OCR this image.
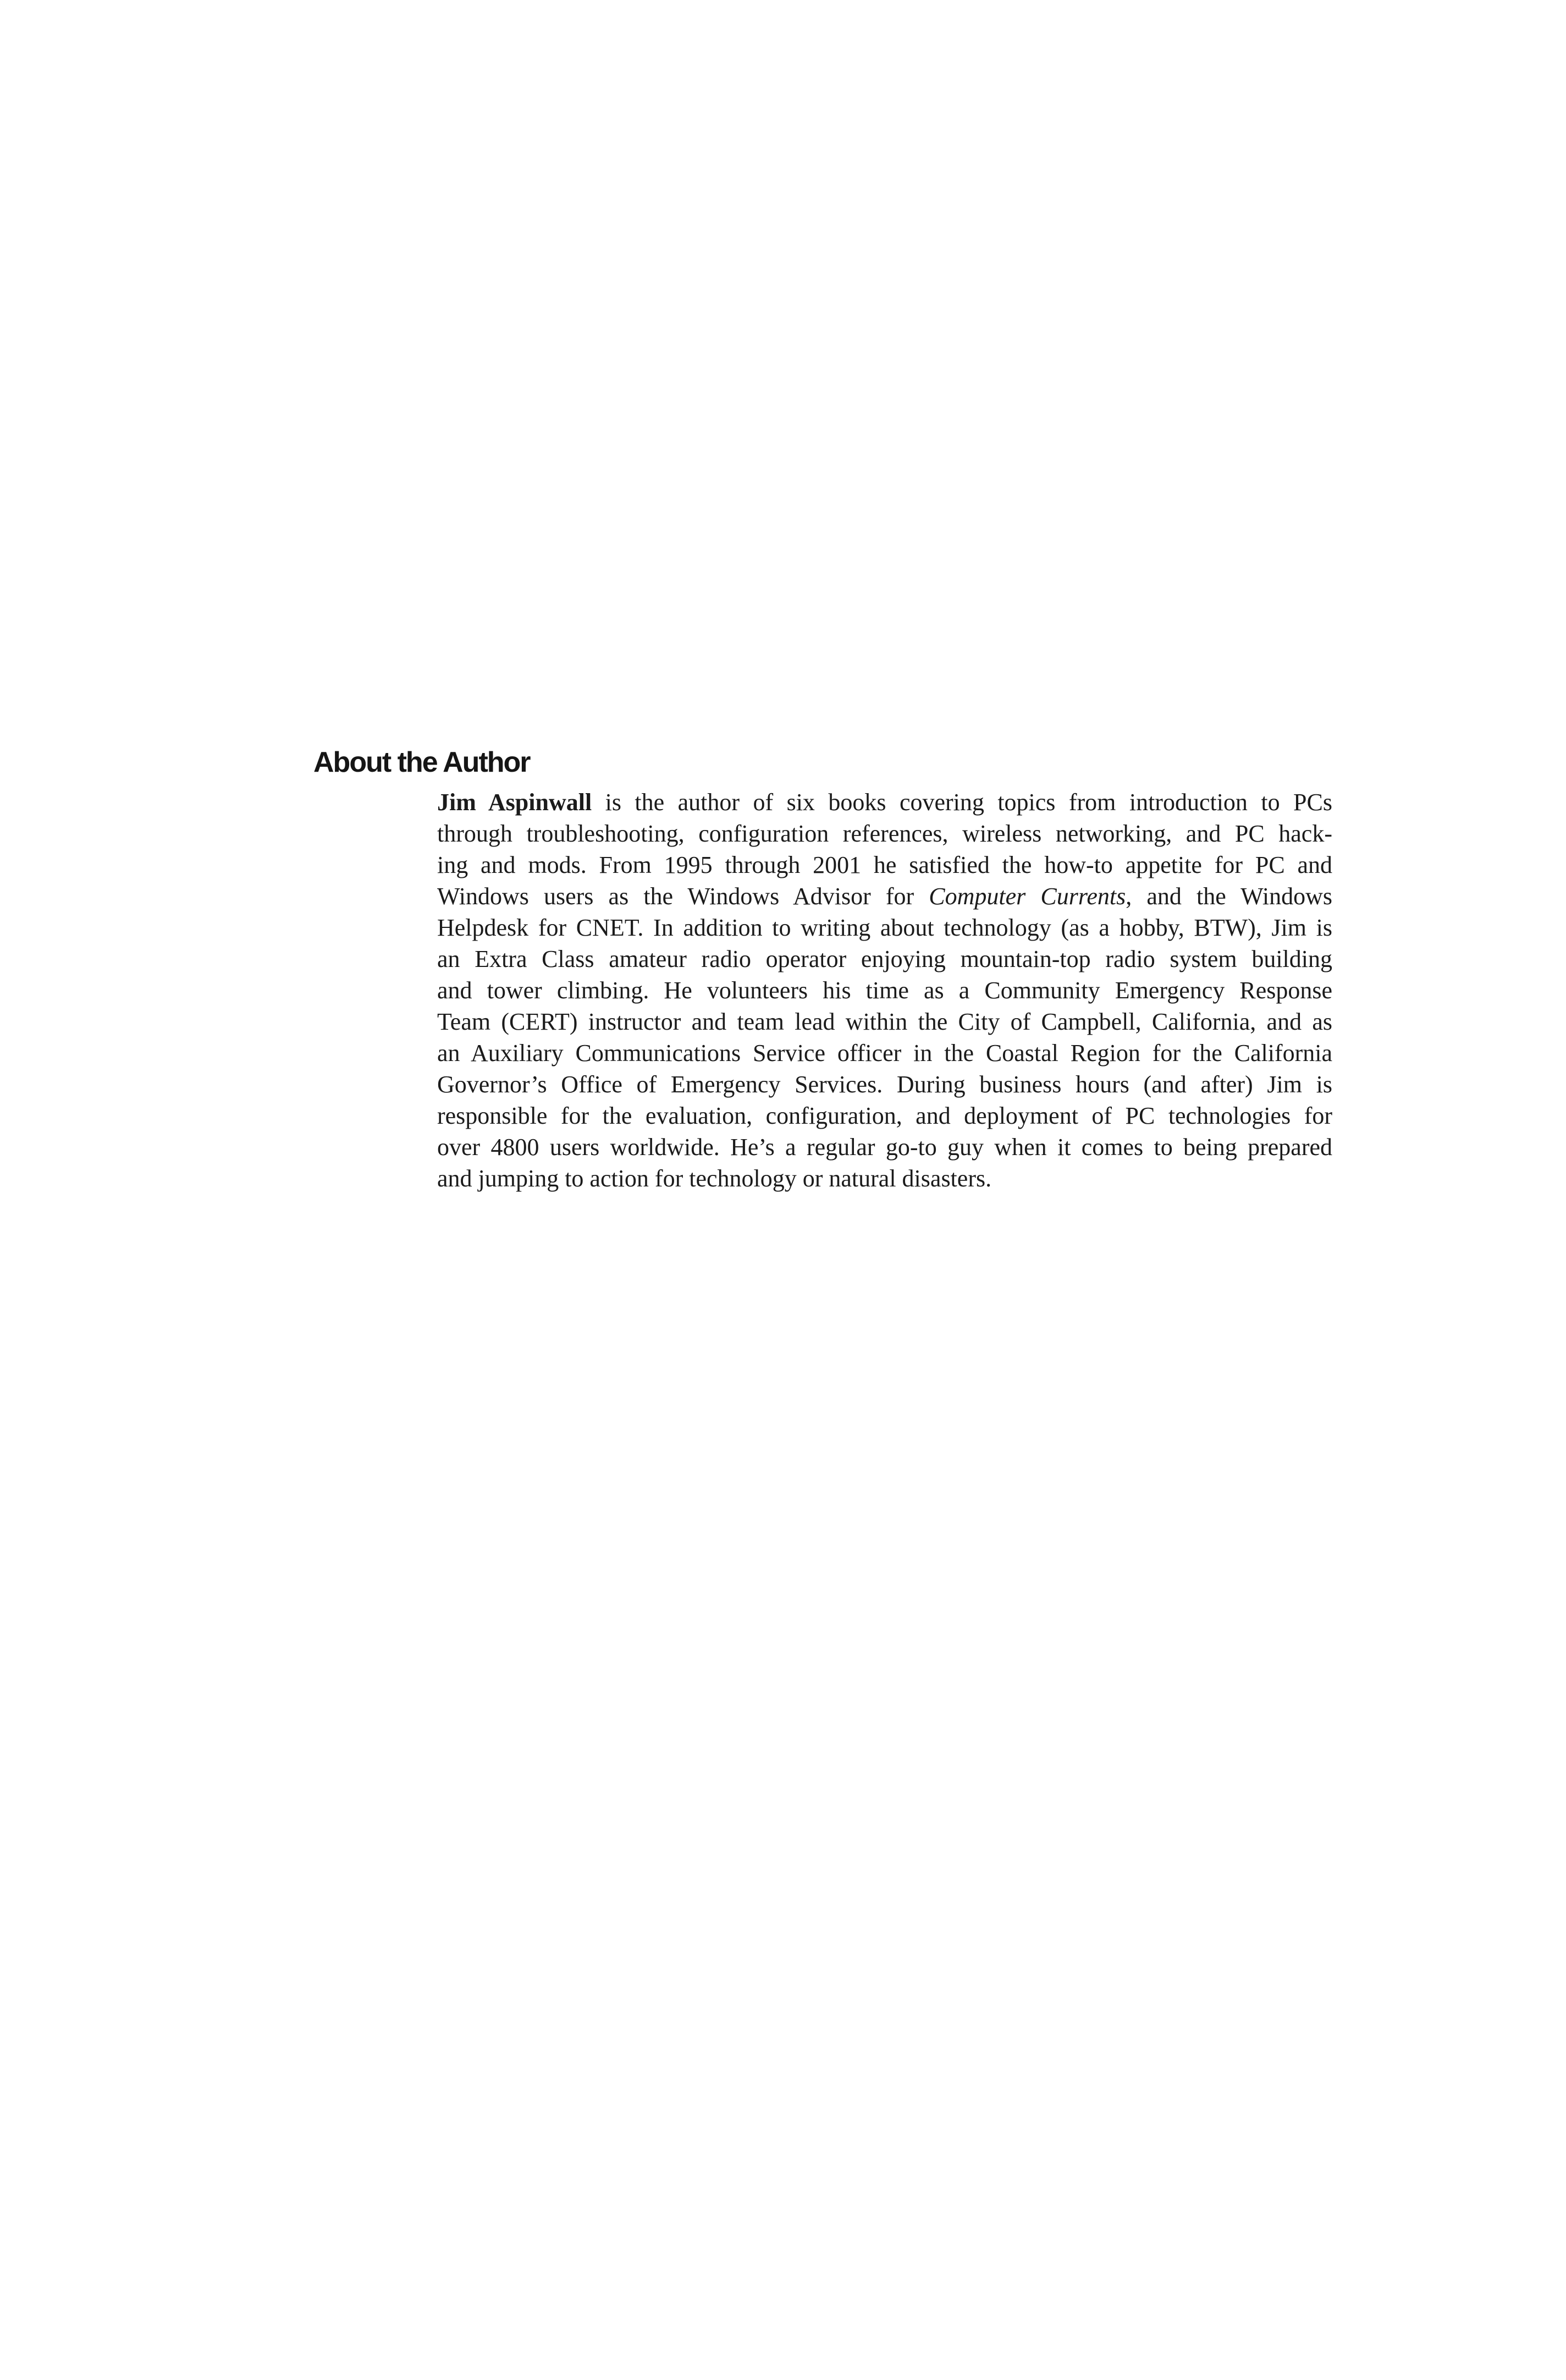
About the Author
Jim Aspinwall is the author of six books covering topics from introduction to PCs
through troubleshooting, configuration references, wireless networking, and PC hack-
ing and mods. From 1995 through 2001 he satisfied the how-to appetite for PC and
Windows users as the Windows Advisor for Computer Currents, and the Windows
Helpdesk for CNET. In addition to writing about technology (as a hobby, BTW), Jim is
an Extra Class amateur radio operator enjoying mountain-top radio system building
and tower climbing. He volunteers his time as a Community Emergency Response
Team (CERT) instructor and team lead within the City of Campbell, California, and as
an Auxiliary Communications Service officer in the Coastal Region for the California
Governor’s Office of Emergency Services. During business hours (and after) Jim is
responsible for the evaluation, configuration, and deployment of PC technologies for
over 4800 users worldwide. He’s a regular go-to guy when it comes to being prepared
and jumping to action for technology or natural disasters.
